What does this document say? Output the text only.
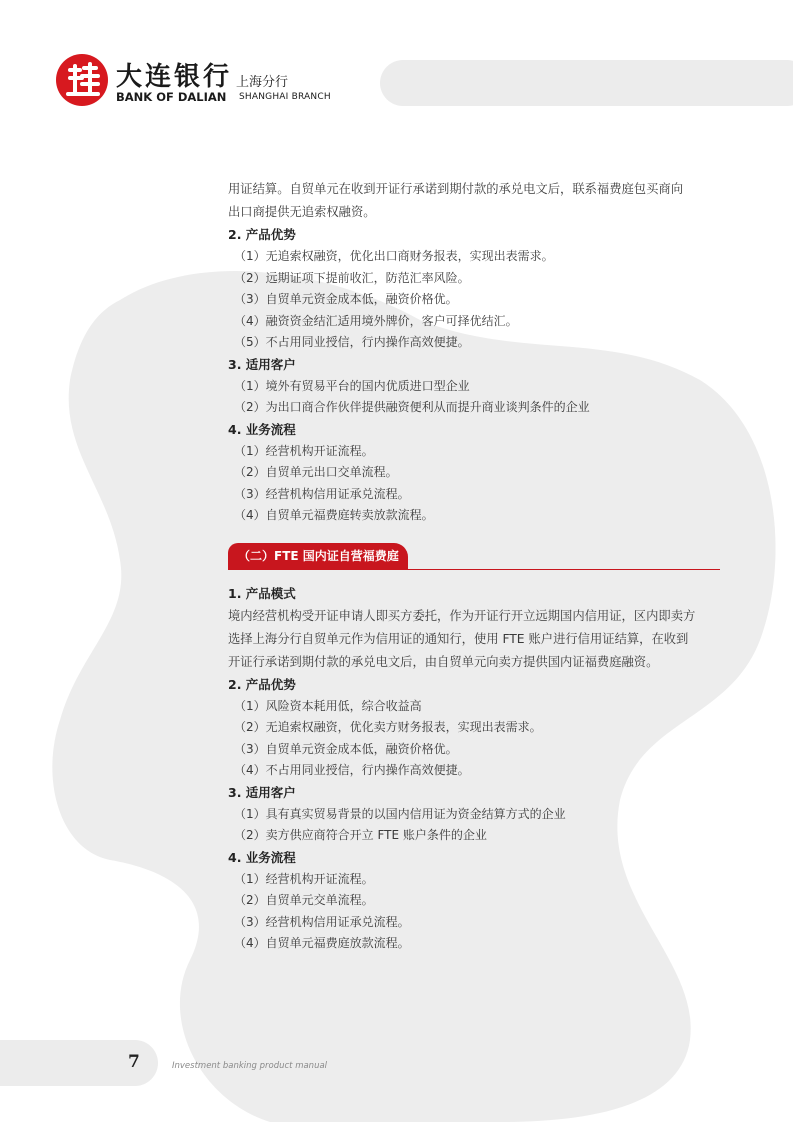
大连银行
BANK OF DALIAN
上海分行
SHANGHAI BRANCH
用证结算。自贸单元在收到开证行承诺到期付款的承兑电文后，联系福费庭包买商向
出口商提供无追索权融资。
2. 产品优势
（1）无追索权融资，优化出口商财务报表，实现出表需求。
（2）远期证项下提前收汇，防范汇率风险。
（3）自贸单元资金成本低，融资价格优。
（4）融资资金结汇适用境外牌价，客户可择优结汇。
（5）不占用同业授信，行内操作高效便捷。
3. 适用客户
（1）境外有贸易平台的国内优质进口型企业
（2）为出口商合作伙伴提供融资便利从而提升商业谈判条件的企业
4. 业务流程
（1）经营机构开证流程。
（2）自贸单元出口交单流程。
（3）经营机构信用证承兑流程。
（4）自贸单元福费庭转卖放款流程。
（二）FTE 国内证自营福费庭
1. 产品模式
境内经营机构受开证申请人即买方委托，作为开证行开立远期国内信用证，区内即卖方
选择上海分行自贸单元作为信用证的通知行，使用 FTE 账户进行信用证结算，在收到
开证行承诺到期付款的承兑电文后，由自贸单元向卖方提供国内证福费庭融资。
2. 产品优势
（1）风险资本耗用低，综合收益高
（2）无追索权融资，优化卖方财务报表，实现出表需求。
（3）自贸单元资金成本低，融资价格优。
（4）不占用同业授信，行内操作高效便捷。
3. 适用客户
（1）具有真实贸易背景的以国内信用证为资金结算方式的企业
（2）卖方供应商符合开立 FTE 账户条件的企业
4. 业务流程
（1）经营机构开证流程。
（2）自贸单元交单流程。
（3）经营机构信用证承兑流程。
（4）自贸单元福费庭放款流程。
7	Investment banking product manual
